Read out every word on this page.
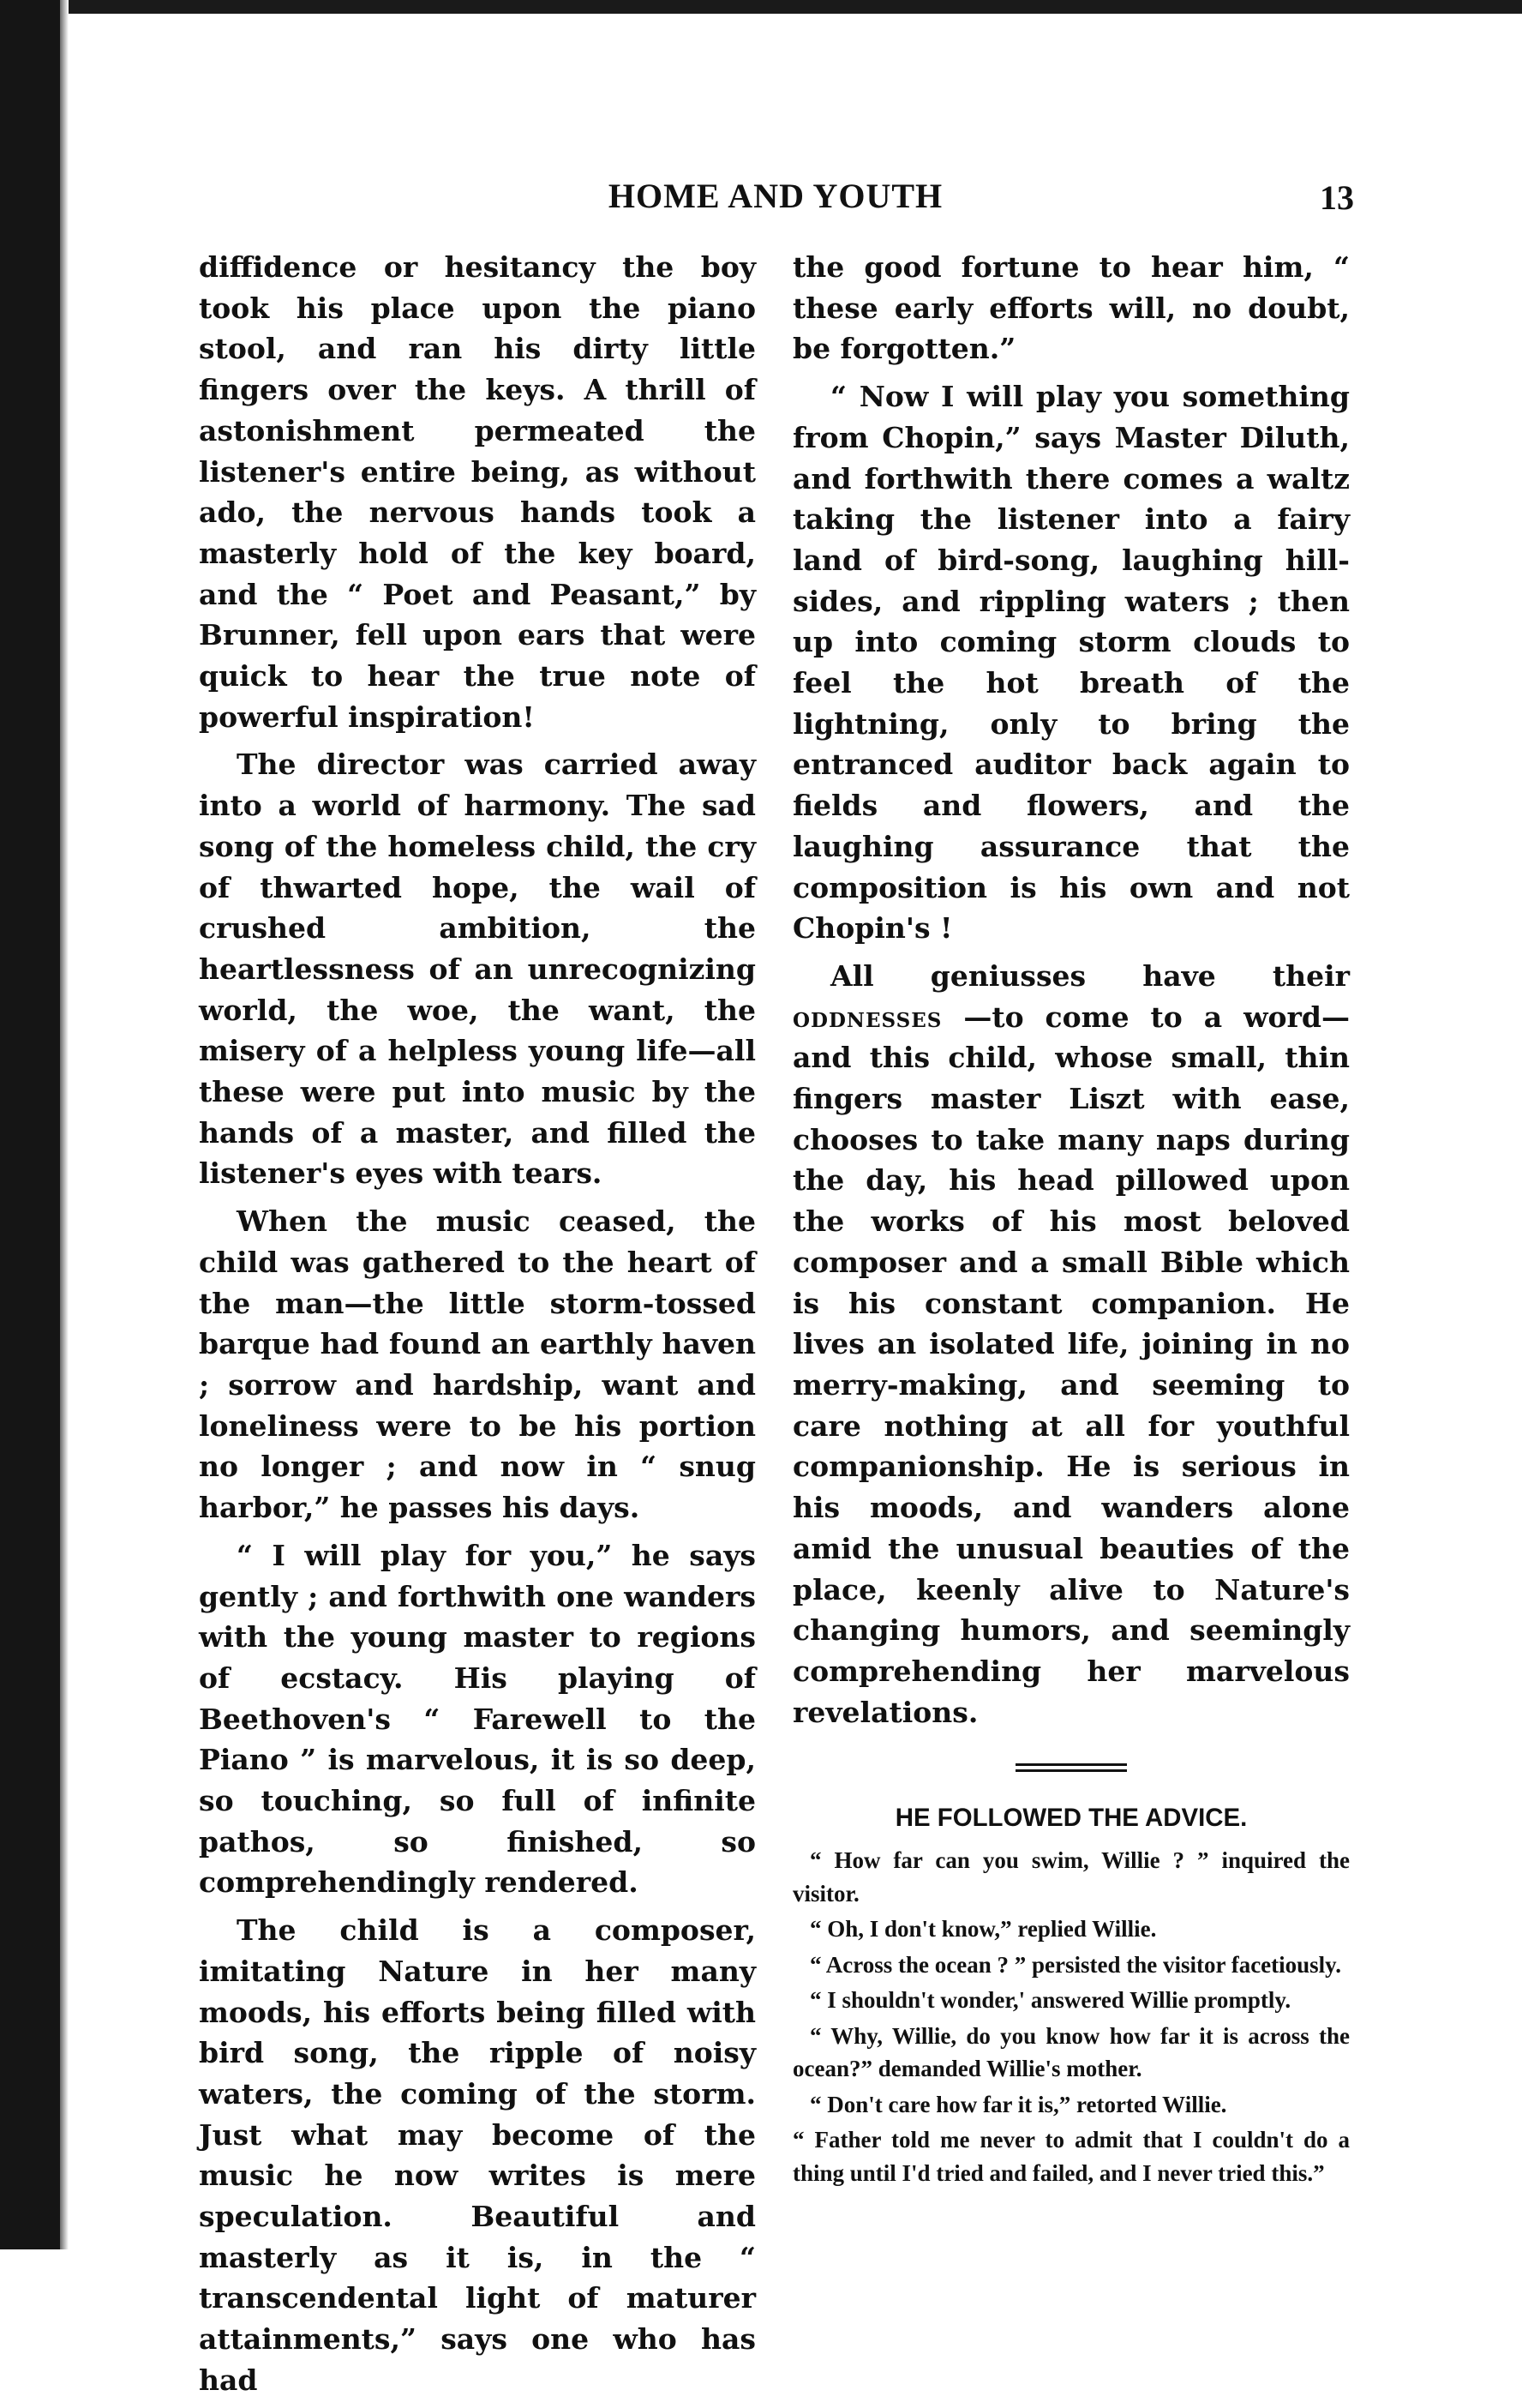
HOME AND YOUTH	13

diffidence or hesitancy the boy took his place upon the piano stool, and ran his dirty little fingers over the keys. A thrill of astonishment permeated the listener's entire being, as without ado, the nervous hands took a masterly hold of the key board, and the “ Poet and Peasant,” by Brunner, fell upon ears that were quick to hear the true note of powerful inspiration!

The director was carried away into a world of harmony. The sad song of the homeless child, the cry of thwarted hope, the wail of crushed ambition, the heartlessness of an unrecognizing world, the woe, the want, the misery of a helpless young life—all these were put into music by the hands of a master, and filled the listener's eyes with tears.

When the music ceased, the child was gathered to the heart of the man—the little storm-tossed barque had found an earthly haven ; sorrow and hardship, want and loneliness were to be his portion no longer ; and now in “ snug harbor,” he passes his days.

“ I will play for you,” he says gently ; and forthwith one wanders with the young master to regions of ecstacy. His playing of Beethoven's “ Farewell to the Piano ” is marvelous, it is so deep, so touching, so full of infinite pathos, so finished, so comprehendingly rendered.

The child is a composer, imitating Nature in her many moods, his efforts being filled with bird song, the ripple of noisy waters, the coming of the storm. Just what may become of the music he now writes is mere speculation. Beautiful and masterly as it is, in the “ transcendental light of maturer attainments,” says one who has had

the good fortune to hear him, “ these early efforts will, no doubt, be forgotten.”

“ Now I will play you something from Chopin,” says Master Diluth, and forthwith there comes a waltz taking the listener into a fairy land of bird-song, laughing hill-sides, and rippling waters ; then up into coming storm clouds to feel the hot breath of the lightning, only to bring the entranced auditor back again to fields and flowers, and the laughing assurance that the composition is his own and not Chopin's !

All geniusses have their oddnesses —to come to a word—and this child, whose small, thin fingers master Liszt with ease, chooses to take many naps during the day, his head pillowed upon the works of his most beloved composer and a small Bible which is his constant companion. He lives an isolated life, joining in no merry-making, and seeming to care nothing at all for youthful companionship. He is serious in his moods, and wanders alone amid the unusual beauties of the place, keenly alive to Nature's changing humors, and seemingly comprehending her marvelous revelations.

HE FOLLOWED THE ADVICE.

“ How far can you swim, Willie ? ” inquired the visitor.

“ Oh, I don't know,” replied Willie.

“ Across the ocean ? ” persisted the visitor facetiously.

“ I shouldn't wonder,' answered Willie promptly.

“ Why, Willie, do you know how far it is across the ocean?” demanded Willie's mother.

“ Don't care how far it is,” retorted Willie.

“ Father told me never to admit that I couldn't do a thing until I'd tried and failed, and I never tried this.”
